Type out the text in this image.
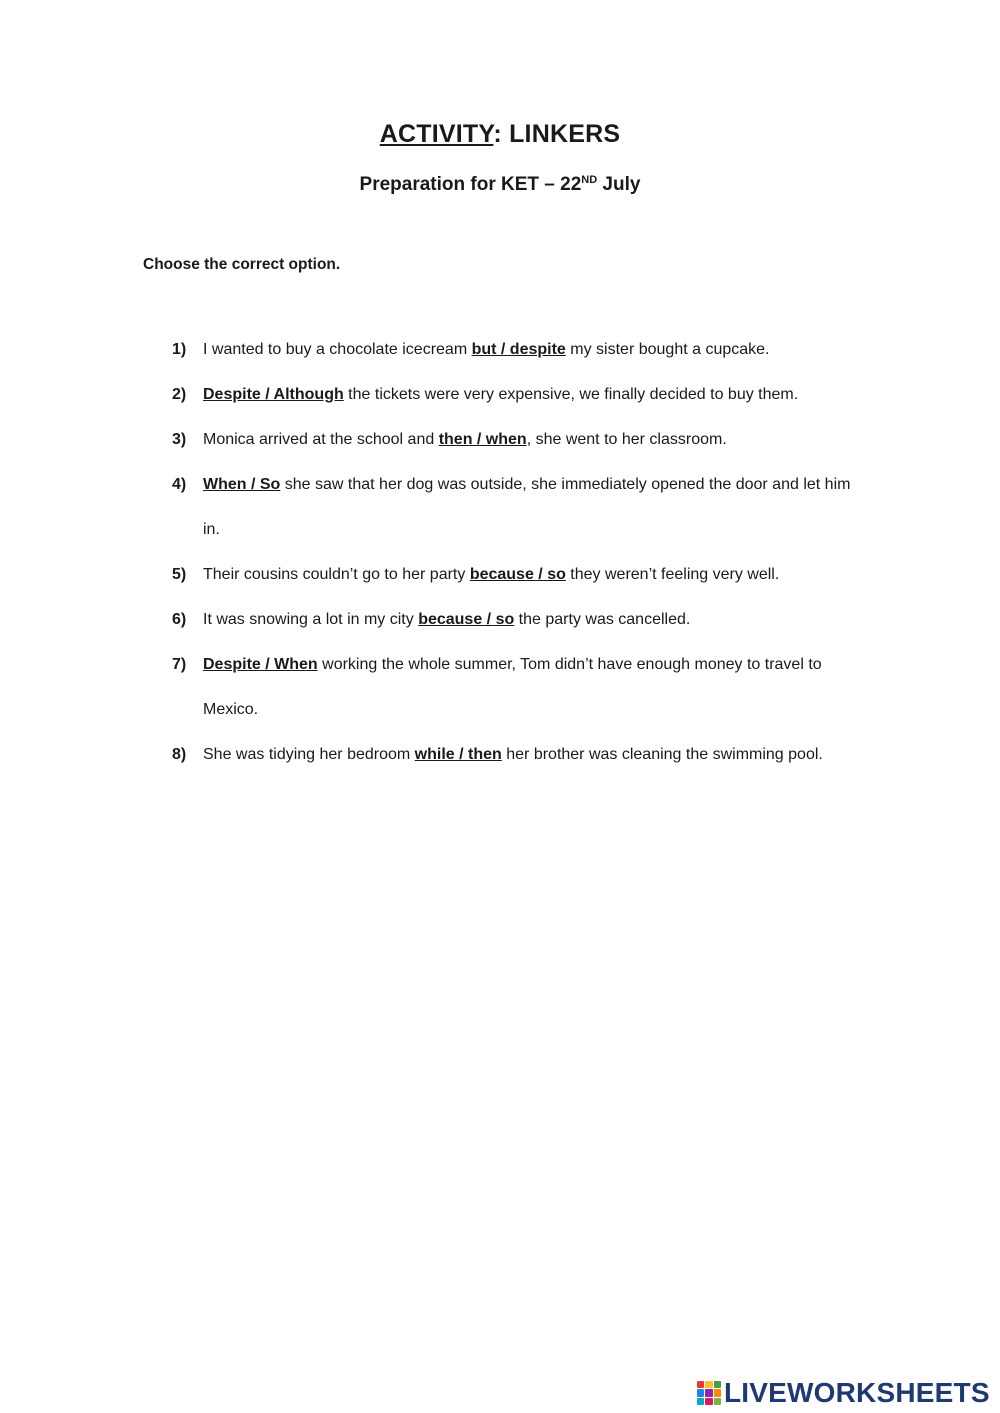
ACTIVITY: LINKERS
Preparation for KET – 22ND July
Choose the correct option.
1) I wanted to buy a chocolate icecream but / despite my sister bought a cupcake.
2) Despite / Although the tickets were very expensive, we finally decided to buy them.
3) Monica arrived at the school and then / when, she went to her classroom.
4) When / So she saw that her dog was outside, she immediately opened the door and let him in.
5) Their cousins couldn’t go to her party because / so they weren’t feeling very well.
6) It was snowing a lot in my city because / so the party was cancelled.
7) Despite / When working the whole summer, Tom didn’t have enough money to travel to Mexico.
8) She was tidying her bedroom while / then her brother was cleaning the swimming pool.
LIVEWORKSHEETS
